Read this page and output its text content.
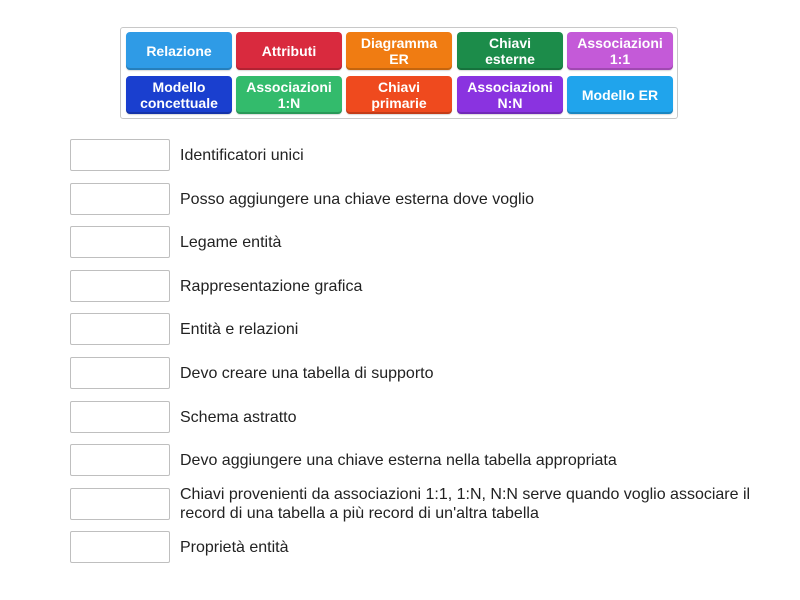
Relazione	Attributi	Diagramma
ER
Chiavi
esterne
Associazioni
1:1
Modello
concettuale
Associazioni
1:N
Chiavi
primarie
Associazioni
N:N	Modello ER
Identificatori unici
Posso aggiungere una chiave esterna dove voglio
Legame entità
Rappresentazione grafica
Entità e relazioni
Devo creare una tabella di supporto
Schema astratto
Devo aggiungere una chiave esterna nella tabella appropriata
Chiavi provenienti da associazioni 1:1, 1:N, N:N serve quando voglio associare il record di una tabella a più record di un'altra tabella
Proprietà entità
